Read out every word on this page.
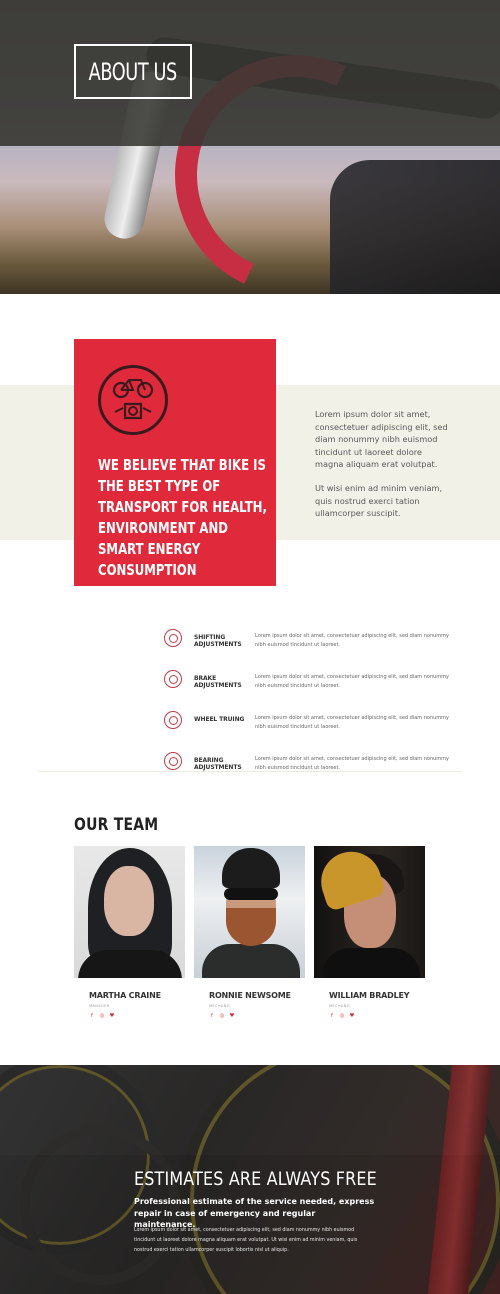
ABOUT US
WE BELIEVE THAT BIKE IS THE BEST TYPE OF TRANSPORT FOR HEALTH, ENVIRONMENT AND SMART ENERGY CONSUMPTION

Lorem ipsum dolor sit amet, consectetuer adipiscing elit, sed diam nonummy nibh euismod tincidunt ut laoreet dolore magna aliquam erat volutpat.

Ut wisi enim ad minim veniam, quis nostrud exerci tation ullamcorper suscipit.

SHIFTING ADJUSTMENTS
Lorem ipsum dolor sit amet, consectetuer adipiscing elit, sed diam nonummy nibh euismod tincidunt ut laoreet.
BRAKE ADJUSTMENTS
Lorem ipsum dolor sit amet, consectetuer adipiscing elit, sed diam nonummy nibh euismod tincidunt ut laoreet.
WHEEL TRUING	Lorem ipsum dolor sit amet, consectetuer adipiscing elit, sed diam nonummy nibh euismod tincidunt ut laoreet.
BEARING ADJUSTMENTS
Lorem ipsum dolor sit amet, consectetuer adipiscing elit, sed diam nonummy nibh euismod tincidunt ut laoreet.
OUR TEAM
MARTHA CRAINE
MANAGER
f	◎ ♥
RONNIE NEWSOME
MECHANIC
f	◎ ♥
WILLIAM BRADLEY
MECHANIC
f	◎ ♥
ESTIMATES ARE ALWAYS FREE

Professional estimate of the service needed, express repair in case of emergency and regular maintenance.

Lorem ipsum dolor sit amet, consectetuer adipiscing elit, sed diam nonummy nibh euismod tincidunt ut laoreet dolore magna aliquam erat volutpat. Ut wisi enim ad minim veniam, quis nostrud exerci tation ullamcorper suscipit lobortis nisl ut aliquip.
